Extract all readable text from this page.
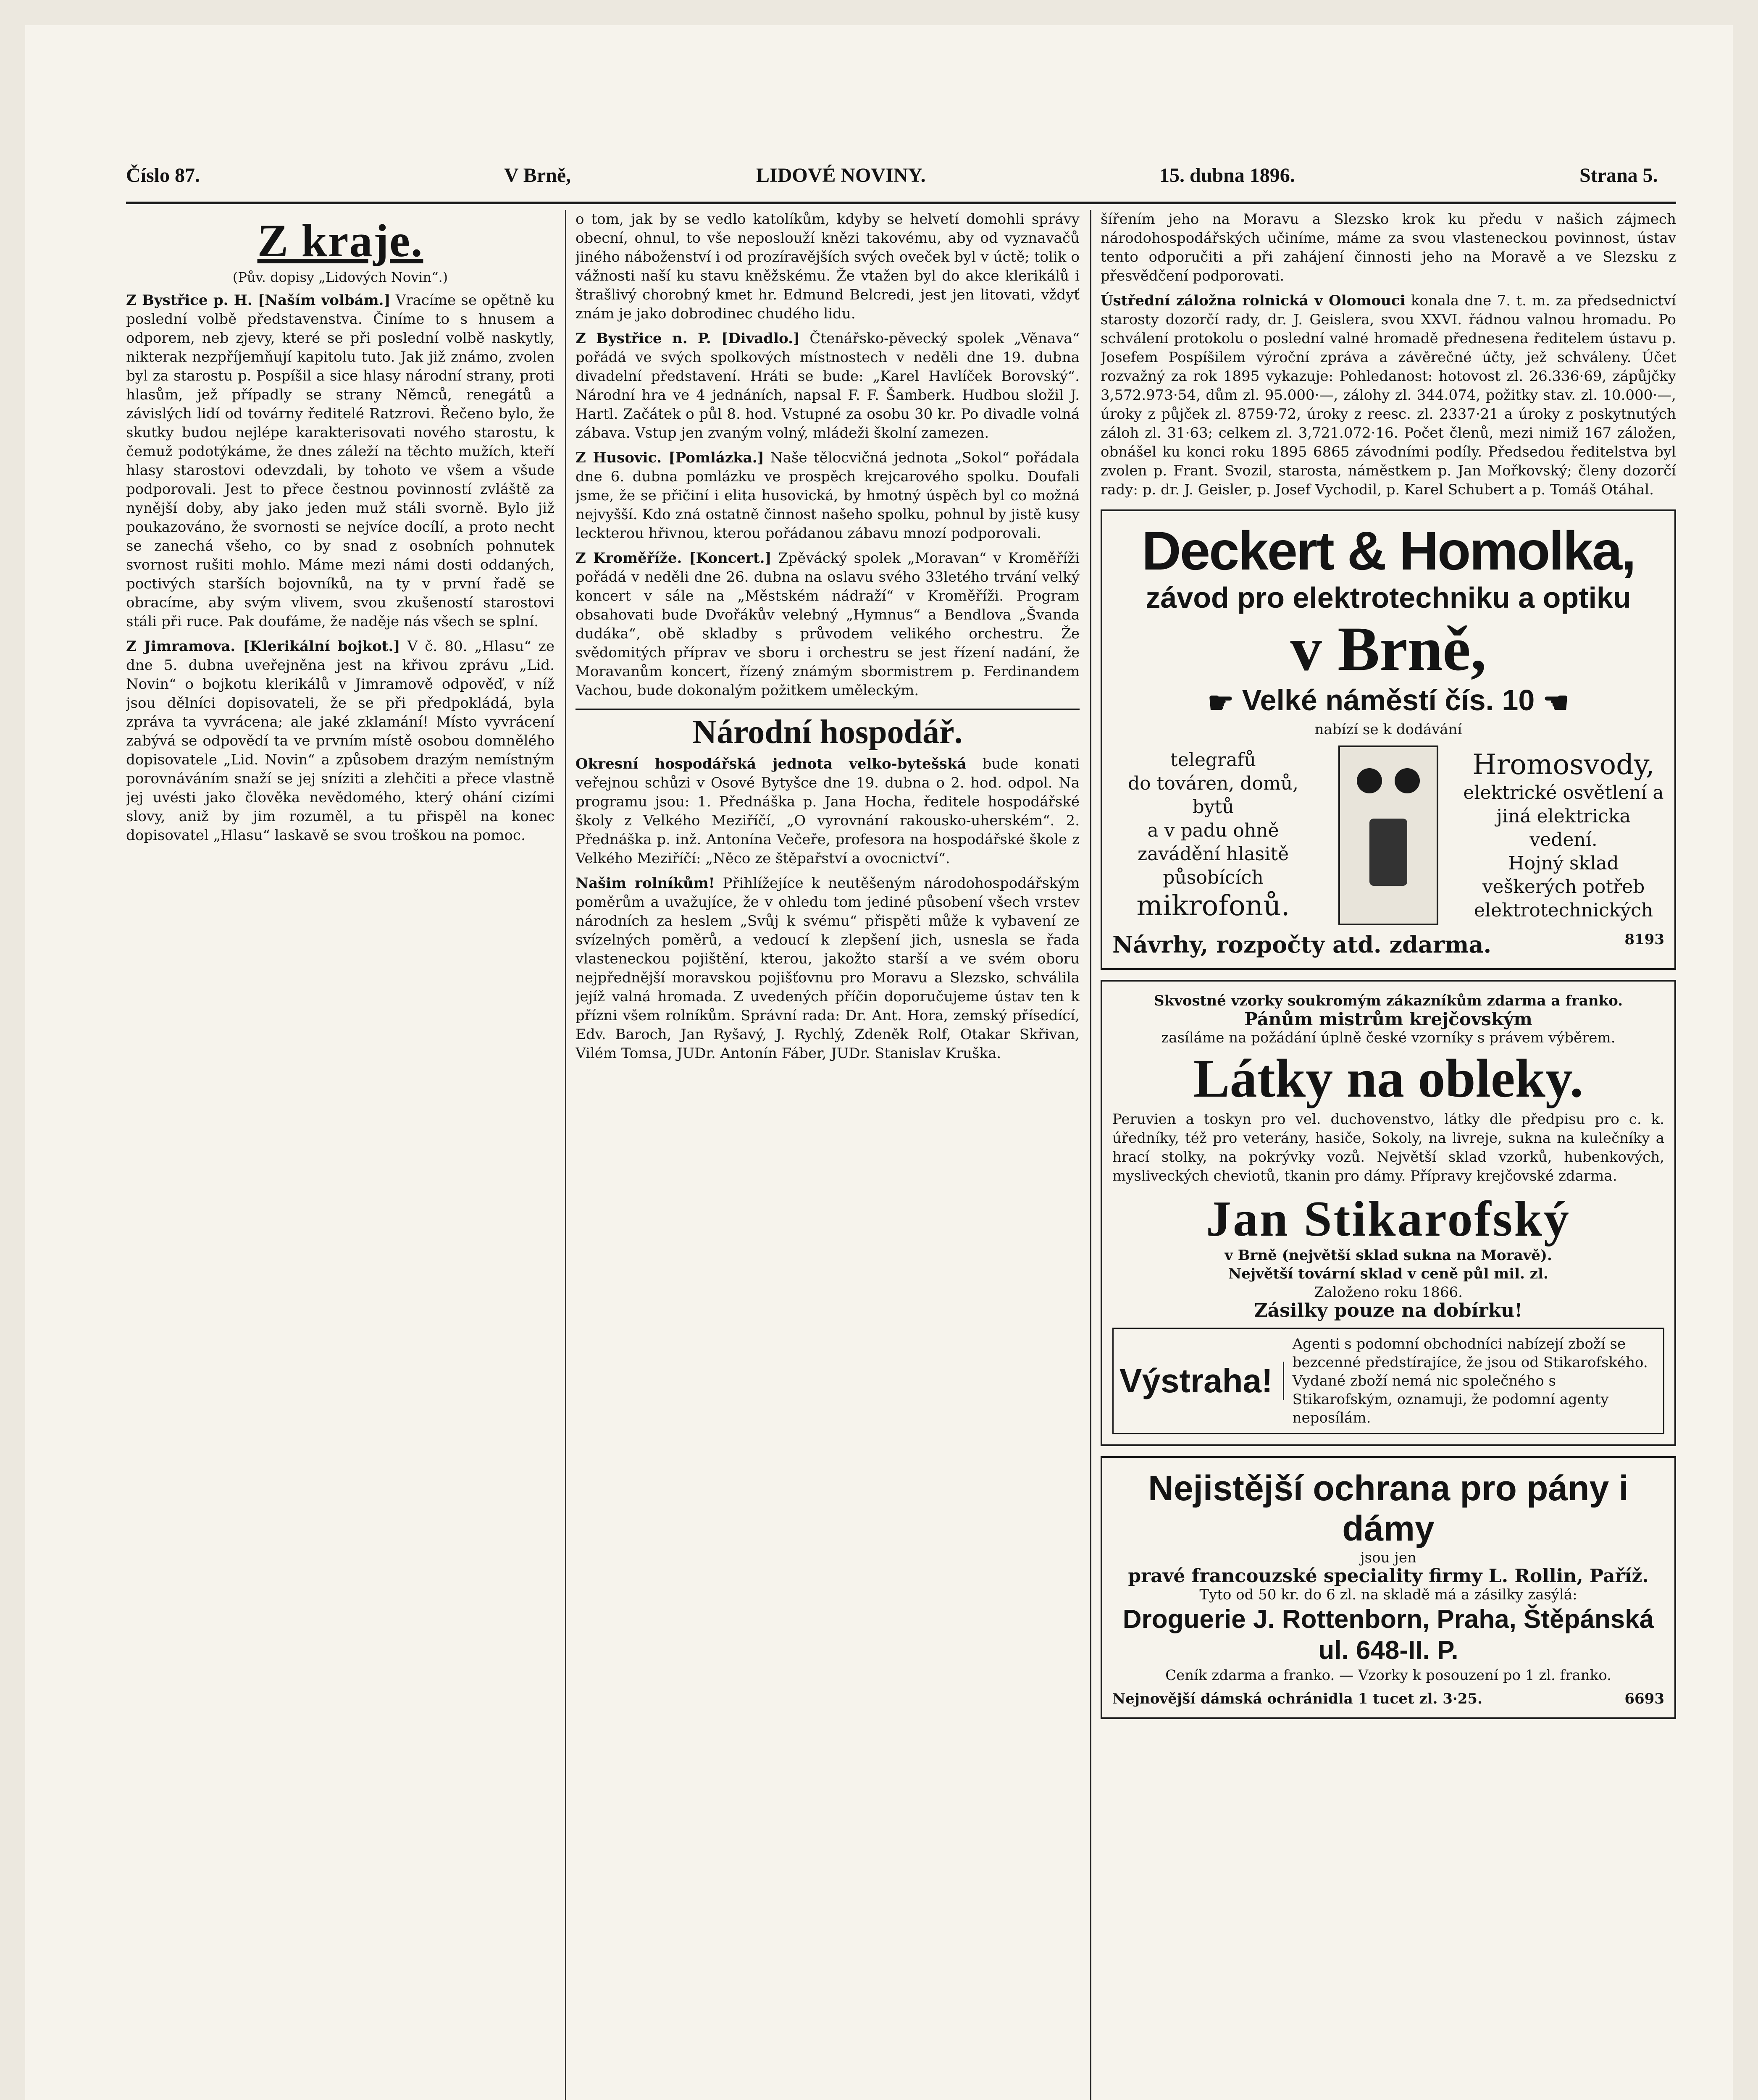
Číslo 87.	V Brně,	LIDOVÉ NOVINY.	15. dubna 1896.	Strana 5.
Z kraje.
(Pův. dopisy „Lidových Novin“.)

Z Bystřice p. H. [Naším volbám.] Vracíme se opětně ku poslední volbě představenstva. Činíme to s hnusem a odporem, neb zjevy, které se při poslední volbě naskytly, nikterak nezpříjemňují kapitolu tuto. Jak již známo, zvolen byl za starostu p. Pospíšil a sice hlasy národní strany, proti hlasům, jež případly se strany Němců, renegátů a závislých lidí od továrny ředitelé Ratzrovi. Řečeno bylo, že skutky budou nejlépe karakterisovati nového starostu, k čemuž podotýkáme, že dnes záleží na těchto mužích, kteří hlasy starostovi odevzdali, by tohoto ve všem a všude podporovali. Jest to přece čestnou povinností zvláště za nynější doby, aby jako jeden muž stáli svorně. Bylo již poukazováno, že svornosti se nejvíce docílí, a proto necht se zanechá všeho, co by snad z osobních pohnutek svornost rušiti mohlo. Máme mezi námi dosti oddaných, poctivých starších bojovníků, na ty v první řadě se obracíme, aby svým vlivem, svou zkušeností starostovi stáli při ruce. Pak doufáme, že naděje nás všech se splní.

Z Jimramova. [Klerikální bojkot.] V č. 80. „Hlasu“ ze dne 5. dubna uveřejněna jest na křivou zprávu „Lid. Novin“ o bojkotu klerikálů v Jimramově odpověď, v níž jsou dělníci dopisovateli, že se při předpokládá, byla zpráva ta vyvrácena; ale jaké zklamání! Místo vyvrácení zabývá se odpovědí ta ve prvním místě osobou domnělého dopisovatele „Lid. Novin“ a způsobem drazým nemístným porovnáváním snaží se jej sníziti a zlehčiti a přece vlastně jej uvésti jako člověka nevědomého, který ohání cizími slovy, aniž by jim rozuměl, a tu přispěl na konec dopisovatel „Hlasu“ laskavě se svou troškou na pomoc.

o tom, jak by se vedlo katolíkům, kdyby se helvetí domohli správy obecní, ohnul, to vše neposlouží knězi takovému, aby od vyznavačů jiného náboženství i od prozíravějších svých oveček byl v úctě; tolik o vážnosti naší ku stavu kněžskému. Že vtažen byl do akce klerikálů i štrašlivý chorobný kmet hr. Edmund Belcredi, jest jen litovati, vždyť znám je jako dobrodinec chudého lidu.

Z Bystřice n. P. [Divadlo.] Čtenářsko-pěvecký spolek „Věnava“ pořádá ve svých spolkových místnostech v neděli dne 19. dubna divadelní představení. Hráti se bude: „Karel Havlíček Borovský“. Národní hra ve 4 jednáních, napsal F. F. Šamberk. Hudbou složil J. Hartl. Začátek o půl 8. hod. Vstupné za osobu 30 kr. Po divadle volná zábava. Vstup jen zvaným volný, mládeži školní zamezen.

Z Husovic. [Pomlázka.] Naše tělocvičná jednota „Sokol“ pořádala dne 6. dubna pomlázku ve prospěch krejcarového spolku. Doufali jsme, že se přičiní i elita husovická, by hmotný úspěch byl co možná nejvyšší. Kdo zná ostatně činnost našeho spolku, pohnul by jistě kusy leckterou hřivnou, kterou pořádanou zábavu mnozí podporovali.

Z Kroměříže. [Koncert.] Zpěvácký spolek „Moravan“ v Kroměříži pořádá v neděli dne 26. dubna na oslavu svého 33letého trvání velký koncert v sále na „Městském nádraží“ v Kroměříži. Program obsahovati bude Dvořákův velebný „Hymnus“ a Bendlova „Švanda dudáka“, obě skladby s průvodem velikého orchestru. Že svědomitých příprav ve sboru i orchestru se jest řízení nadání, že Moravanům koncert, řízený známým sbormistrem p. Ferdinandem Vachou, bude dokonalým požitkem uměleckým.

Národní hospodář.

Okresní hospodářská jednota velko-bytešská bude konati veřejnou schůzi v Osové Bytyšce dne 19. dubna o 2. hod. odpol. Na programu jsou: 1. Přednáška p. Jana Hocha, ředitele hospodářské školy z Velkého Meziříčí, „O vyrovnání rakousko-uherském“. 2. Přednáška p. inž. Antonína Večeře, profesora na hospodářské škole z Velkého Meziříčí: „Něco ze štěpařství a ovocnictví“.

Našim rolníkům! Přihlížejíce k neutěšeným národohospodářským poměrům a uvažujíce, že v ohledu tom jediné působení všech vrstev národních za heslem „Svůj k svému“ přispěti může k vybavení ze svízelných poměrů, a vedoucí k zlepšení jich, usnesla se řada vlasteneckou pojištění, kterou, jakožto starší a ve svém oboru nejpřednější moravskou pojišťovnu pro Moravu a Slezsko, schválila jejíž valná hromada. Z uvedených příčin doporučujeme ústav ten k přízni všem rolníkům. Správní rada: Dr. Ant. Hora, zemský přísedící, Edv. Baroch, Jan Ryšavý, J. Rychlý, Zdeněk Rolf, Otakar Skřivan, Vilém Tomsa, JUDr. Antonín Fáber, JUDr. Stanislav Kruška.

šířením jeho na Moravu a Slezsko krok ku předu v našich zájmech národohospodářských učiníme, máme za svou vlasteneckou povinnost, ústav tento odporučiti a při zahájení činnosti jeho na Moravě a ve Slezsku z přesvědčení podporovati.

Ústřední záložna rolnická v Olomouci konala dne 7. t. m. za předsednictví starosty dozorčí rady, dr. J. Geislera, svou XXVI. řádnou valnou hromadu. Po schválení protokolu o poslední valné hromadě přednesena ředitelem ústavu p. Josefem Pospíšilem výroční zpráva a závěrečné účty, jež schváleny. Účet rozvažný za rok 1895 vykazuje: Pohledanost: hotovost zl. 26.336·69, zápůjčky 3,572.973·54, dům zl. 95.000·—, zálohy zl. 344.074, požitky stav. zl. 10.000·—, úroky z půjček zl. 8759·72, úroky z reesc. zl. 2337·21 a úroky z poskytnutých záloh zl. 31·63; celkem zl. 3,721.072·16. Počet členů, mezi nimiž 167 záložen, obnášel ku konci roku 1895 6865 závodními podíly. Předsedou ředitelstva byl zvolen p. Frant. Svozil, starosta, náměstkem p. Jan Mořkovský; členy dozorčí rady: p. dr. J. Geisler, p. Josef Vychodil, p. Karel Schubert a p. Tomáš Otáhal.

Deckert & Homolka,
závod pro elektrotechniku a optiku
v Brně,
☛ Velké náměstí čís. 10 ☚
nabízí se k dodávání
telegrafů
do továren, domů, bytů
a v padu ohně zavádění hlasitě působících
mikrofonů.
Hromosvody,
elektrické osvětlení a jiná elektricka vedení.
Hojný sklad veškerých potřeb elektrotechnických
Návrhy, rozpočty atd. zdarma.	8193
Skvostné vzorky soukromým zákazníkům zdarma a franko.
Pánům mistrům krejčovským
zasíláme na požádání úplně české vzorníky s právem výběrem.
Látky na obleky.

Peruvien a toskyn pro vel. duchovenstvo, látky dle předpisu pro c. k. úředníky, též pro veterány, hasiče, Sokoly, na livreje, sukna na kulečníky a hrací stolky, na pokrývky vozů. Největší sklad vzorků, hubenkových, mysliveckých cheviotů, tkanin pro dámy. Přípravy krejčovské zdarma.

Jan Stikarofský
v Brně (největší sklad sukna na Moravě).
Největší tovární sklad v ceně půl mil. zl.
Založeno roku 1866.
Zásilky pouze na dobírku!
Výstraha!
Agenti s podomní obchodníci nabízejí zboží se bezcenné předstírajíce, že jsou od Stikarofského. Vydané zboží nemá nic společného s Stikarofským, oznamuji, že podomní agenty neposílám.
Nejistější ochrana pro pány i dámy
jsou jen
pravé francouzské speciality firmy L. Rollin, Paříž.
Tyto od 50 kr. do 6 zl. na skladě má a zásilky zasýlá:
Droguerie J. Rottenborn, Praha, Štěpánská ul. 648-II. P.
Ceník zdarma a franko. — Vzorky k posouzení po 1 zl. franko.
Nejnovější dámská ochránidla 1 tucet zl. 3·25.	6693
